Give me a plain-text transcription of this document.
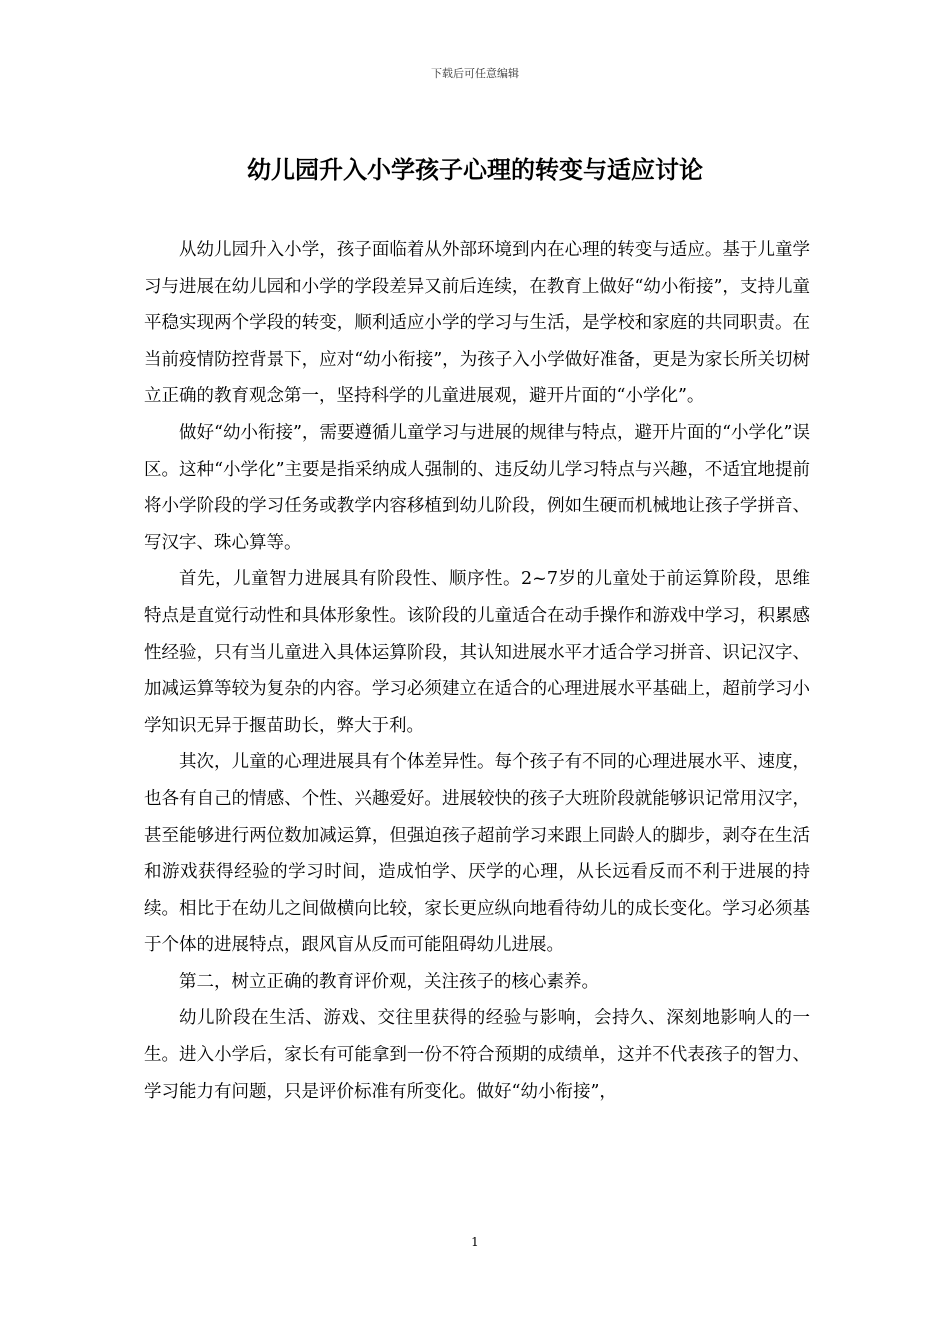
下载后可任意编辑
幼儿园升入小学孩子心理的转变与适应讨论

从幼儿园升入小学，孩子面临着从外部环境到内在心理的转变与适应。基于儿童学习与进展在幼儿园和小学的学段差异又前后连续，在教育上做好“幼小衔接”，支持儿童平稳实现两个学段的转变，顺利适应小学的学习与生活，是学校和家庭的共同职责。在当前疫情防控背景下，应对“幼小衔接”，为孩子入小学做好准备，更是为家长所关切树立正确的教育观念第一，坚持科学的儿童进展观，避开片面的“小学化”。

做好“幼小衔接”，需要遵循儿童学习与进展的规律与特点，避开片面的“小学化”误区。这种“小学化”主要是指采纳成人强制的、违反幼儿学习特点与兴趣，不适宜地提前将小学阶段的学习任务或教学内容移植到幼儿阶段，例如生硬而机械地让孩子学拼音、写汉字、珠心算等。

首先，儿童智力进展具有阶段性、顺序性。2~7岁的儿童处于前运算阶段，思维特点是直觉行动性和具体形象性。该阶段的儿童适合在动手操作和游戏中学习，积累感性经验，只有当儿童进入具体运算阶段，其认知进展水平才适合学习拼音、识记汉字、加减运算等较为复杂的内容。学习必须建立在适合的心理进展水平基础上，超前学习小学知识无异于揠苗助长，弊大于利。

其次，儿童的心理进展具有个体差异性。每个孩子有不同的心理进展水平、速度，也各有自己的情感、个性、兴趣爱好。进展较快的孩子大班阶段就能够识记常用汉字，甚至能够进行两位数加减运算，但强迫孩子超前学习来跟上同龄人的脚步，剥夺在生活和游戏获得经验的学习时间，造成怕学、厌学的心理，从长远看反而不利于进展的持续。相比于在幼儿之间做横向比较，家长更应纵向地看待幼儿的成长变化。学习必须基于个体的进展特点，跟风盲从反而可能阻碍幼儿进展。

第二，树立正确的教育评价观，关注孩子的核心素养。

幼儿阶段在生活、游戏、交往里获得的经验与影响，会持久、深刻地影响人的一生。进入小学后，家长有可能拿到一份不符合预期的成绩单，这并不代表孩子的智力、学习能力有问题，只是评价标准有所变化。做好“幼小衔接”，

1
